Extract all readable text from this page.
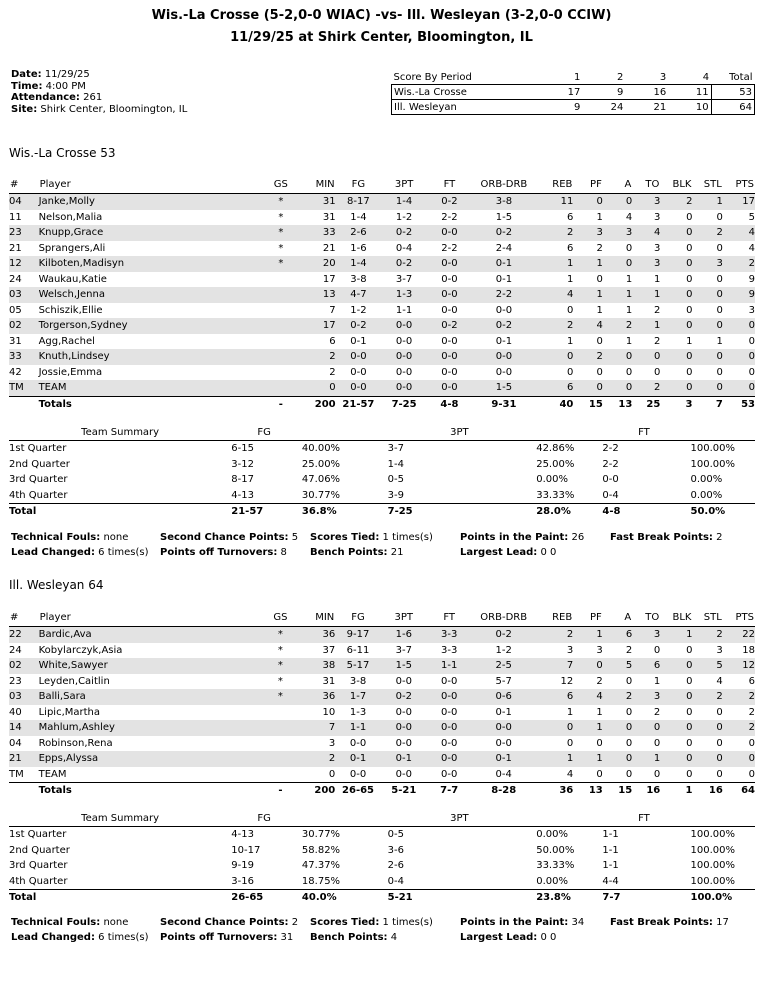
Wis.-La Crosse (5-2,0-0 WIAC) -vs- Ill. Wesleyan (3-2,0-0 CCIW)
11/29/25 at Shirk Center, Bloomington, IL
Date: 11/29/25
Time: 4:00 PM
Attendance: 261
Site: Shirk Center, Bloomington, IL
Score By Period	1	2	3	4	Total
Wis.-La Crosse	17	9	16	11	53
Ill. Wesleyan	9	24	21	10	64
Wis.-La Crosse 53
#	Player	GS	MIN	FG	3PT	FT	ORB-DRB	REB	PF	A	TO	BLK	STL	PTS
04	Janke,Molly	*	31	8-17	1-4	0-2	3-8	11	0	0	3	2	1	17
11	Nelson,Malia	*	31	1-4	1-2	2-2	1-5	6	1	4	3	0	0	5
23	Knupp,Grace	*	33	2-6	0-2	0-0	0-2	2	3	3	4	0	2	4
21	Sprangers,Ali	*	21	1-6	0-4	2-2	2-4	6	2	0	3	0	0	4
12	Kilboten,Madisyn	*	20	1-4	0-2	0-0	0-1	1	1	0	3	0	3	2
24	Waukau,Katie		17	3-8	3-7	0-0	0-1	1	0	1	1	0	0	9
03	Welsch,Jenna		13	4-7	1-3	0-0	2-2	4	1	1	1	0	0	9
05	Schiszik,Ellie		7	1-2	1-1	0-0	0-0	0	1	1	2	0	0	3
02	Torgerson,Sydney		17	0-2	0-0	0-2	0-2	2	4	2	1	0	0	0
31	Agg,Rachel		6	0-1	0-0	0-0	0-1	1	0	1	2	1	1	0
33	Knuth,Lindsey		2	0-0	0-0	0-0	0-0	0	2	0	0	0	0	0
42	Jossie,Emma		2	0-0	0-0	0-0	0-0	0	0	0	0	0	0	0
TM	TEAM		0	0-0	0-0	0-0	1-5	6	0	0	2	0	0	0
	Totals	-	200	21-57	7-25	4-8	9-31	40	15	13	25	3	7	53
Team Summary	FG		3PT		FT	
1st Quarter	6-15	40.00%	3-7	42.86%	2-2	100.00%
2nd Quarter	3-12	25.00%	1-4	25.00%	2-2	100.00%
3rd Quarter	8-17	47.06%	0-5	0.00%	0-0	0.00%
4th Quarter	4-13	30.77%	3-9	33.33%	0-4	0.00%
Total	21-57	36.8%	7-25	28.0%	4-8	50.0%
Technical Fouls: none	Second Chance Points: 5 Scores Tied: 1 times(s)	Points in the Paint: 26	Fast Break Points: 2
Lead Changed: 6 times(s) Points off Turnovers: 8 Bench Points: 21	Largest Lead: 0 0
Ill. Wesleyan 64
#	Player	GS	MIN	FG	3PT	FT	ORB-DRB	REB	PF	A	TO	BLK	STL	PTS
22	Bardic,Ava	*	36	9-17	1-6	3-3	0-2	2	1	6	3	1	2	22
24	Kobylarczyk,Asia	*	37	6-11	3-7	3-3	1-2	3	3	2	0	0	3	18
02	White,Sawyer	*	38	5-17	1-5	1-1	2-5	7	0	5	6	0	5	12
23	Leyden,Caitlin	*	31	3-8	0-0	0-0	5-7	12	2	0	1	0	4	6
03	Balli,Sara	*	36	1-7	0-2	0-0	0-6	6	4	2	3	0	2	2
40	Lipic,Martha		10	1-3	0-0	0-0	0-1	1	1	0	2	0	0	2
14	Mahlum,Ashley		7	1-1	0-0	0-0	0-0	0	1	0	0	0	0	2
04	Robinson,Rena		3	0-0	0-0	0-0	0-0	0	0	0	0	0	0	0
21	Epps,Alyssa		2	0-1	0-1	0-0	0-1	1	1	0	1	0	0	0
TM	TEAM		0	0-0	0-0	0-0	0-4	4	0	0	0	0	0	0
	Totals	-	200	26-65	5-21	7-7	8-28	36	13	15	16	1	16	64
Team Summary	FG		3PT		FT	
1st Quarter	4-13	30.77%	0-5	0.00%	1-1	100.00%
2nd Quarter	10-17	58.82%	3-6	50.00%	1-1	100.00%
3rd Quarter	9-19	47.37%	2-6	33.33%	1-1	100.00%
4th Quarter	3-16	18.75%	0-4	0.00%	4-4	100.00%
Total	26-65	40.0%	5-21	23.8%	7-7	100.0%
Technical Fouls: none	Second Chance Points: 2 Scores Tied: 1 times(s)	Points in the Paint: 34	Fast Break Points: 17
Lead Changed: 6 times(s) Points off Turnovers: 31 Bench Points: 4	Largest Lead: 0 0
